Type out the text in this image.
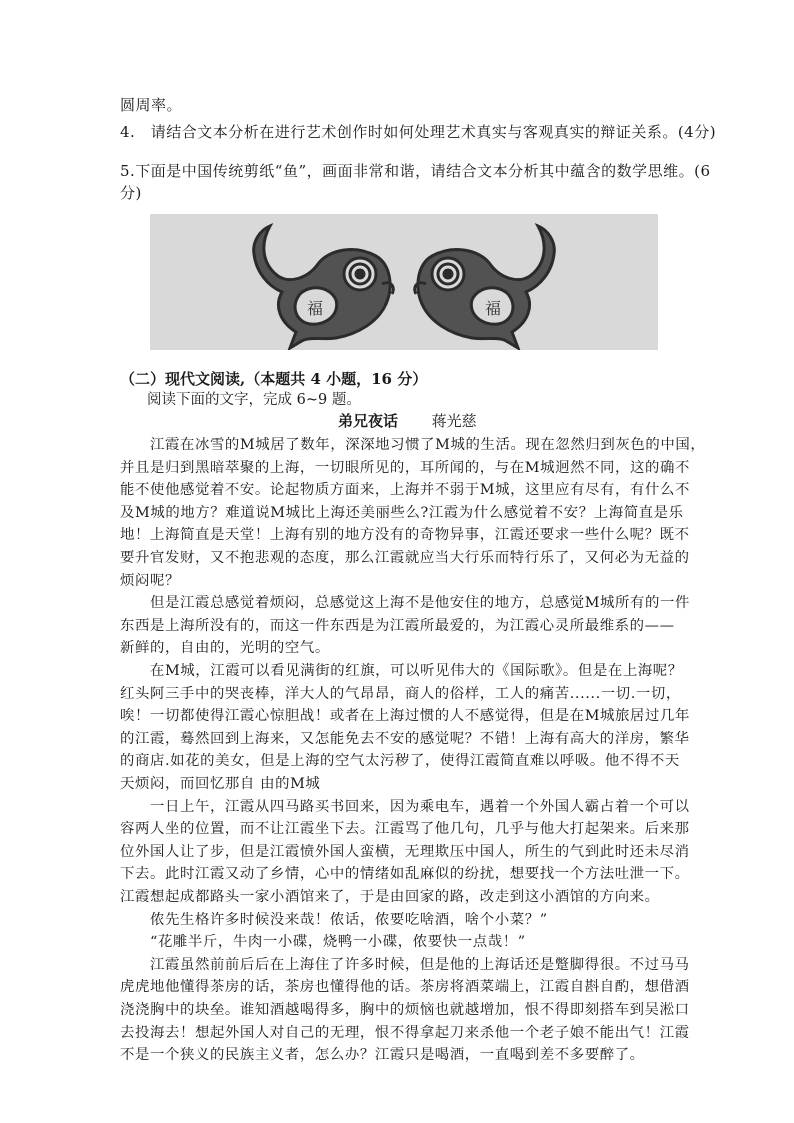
圆周率。
4.　请结合文本分析在进行艺术创作时如何处理艺术真实与客观真实的辩证关系。(4分)
5.下面是中国传统剪纸“鱼”，画面非常和谐，请结合文本分析其中蕴含的数学思维。(6
分)
福	福
（二）现代文阅读,（本题共 4 小题，16 分）
阅读下面的文字，完成 6~9 题。
弟兄夜话 蒋光慈
　　江霞在冰雪的M城居了数年，深深地习惯了M城的生活。现在忽然归到灰色的中国，
并且是归到黑暗萃聚的上海，一切眼所见的，耳所闻的，与在M城迥然不同，这的确不
能不使他感觉着不安。论起物质方面来，上海并不弱于M城，这里应有尽有，有什么不
及M城的地方？难道说M城比上海还美丽些么?江霞为什么感觉着不安？上海简直是乐
地！上海简直是天堂！上海有别的地方没有的奇物异事，江霞还要求一些什么呢？既不
要升官发财，又不抱悲观的态度，那么江霞就应当大行乐而特行乐了，又何必为无益的
烦闷呢？
　　但是江霞总感觉着烦闷，总感觉这上海不是他安住的地方，总感觉M城所有的一件
东西是上海所没有的，而这一件东西是为江霞所最爱的，为江霞心灵所最维系的——
新鲜的，自由的，光明的空气。
　　在M城，江霞可以看见满街的红旗，可以听见伟大的《国际歌》。但是在上海呢？
红头阿三手中的哭丧棒，洋大人的气昂昂，商人的俗样，工人的痛苦......一切.一切，
唉！一切都使得江霞心惊胆战！或者在上海过惯的人不感觉得，但是在M城旅居过几年
的江霞，蓦然回到上海来，又怎能免去不安的感觉呢？不错！上海有高大的洋房，繁华
的商店.如花的美女，但是上海的空气太污秽了，使得江霞简直难以呼吸。他不得不天
天烦闷，而回忆那自 由的M城
　　一日上午，江霞从四马路买书回来，因为乘电车，遇着一个外国人霸占着一个可以
容两人坐的位置，而不让江霞坐下去。江霞骂了他几句，几乎与他大打起架来。后来那
位外国人让了步，但是江霞愤外国人蛮横，无理欺压中国人，所生的气到此时还未尽消
下去。此时江霞又动了乡情，心中的情绪如乱麻似的纷扰，想要找一个方法吐泄一下。
江霞想起成都路头一家小酒馆来了，于是由回家的路，改走到这小酒馆的方向来。
　　侬先生格许多时候没来哉！侬话，侬要吃啥酒，啥个小菜？”
　　“花雕半斤，牛肉一小碟，烧鸭一小碟，侬要快一点哉！”
　　江霞虽然前前后后在上海住了许多时候，但是他的上海话还是蹩脚得很。不过马马
虎虎地他懂得茶房的话，茶房也懂得他的话。茶房将酒菜端上，江霞自斟自酌，想借酒
浇浇胸中的块垒。谁知酒越喝得多，胸中的烦恼也就越增加，恨不得即刻搭车到吴淞口
去投海去！想起外国人对自己的无理，恨不得拿起刀来杀他一个老子娘不能出气！江霞
不是一个狭义的民族主义者，怎么办？江霞只是喝酒，一直喝到差不多要醉了。
